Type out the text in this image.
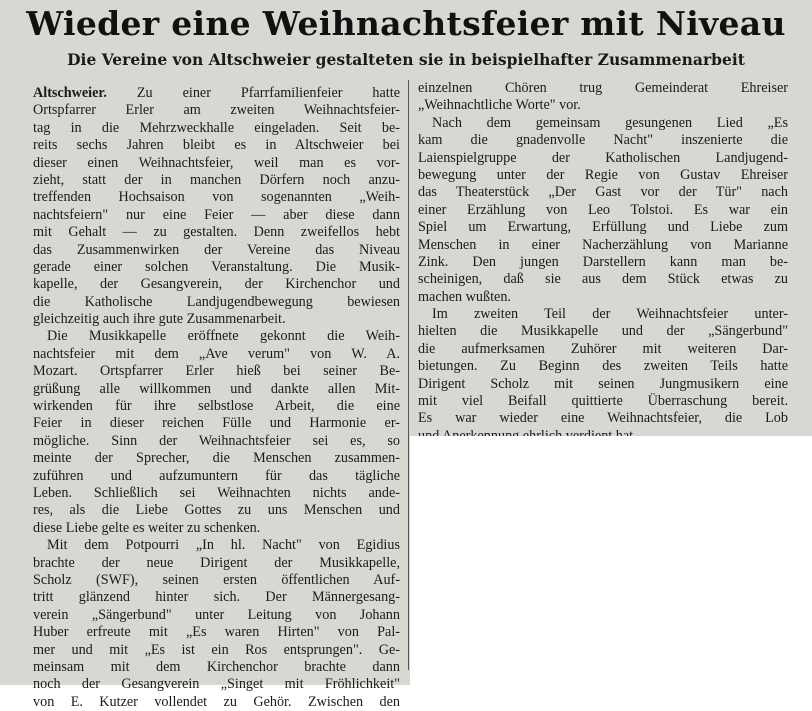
Wieder eine Weihnachtsfeier mit Niveau
Die Vereine von Altschweier gestalteten sie in beispielhafter Zusammenarbeit
Altschweier. Zu einer Pfarrfamilienfeier hatte
Ortspfarrer Erler am zweiten Weihnachtsfeier-
tag in die Mehrzweckhalle eingeladen. Seit be-
reits sechs Jahren bleibt es in Altschweier bei
dieser einen Weihnachtsfeier, weil man es vor-
zieht, statt der in manchen Dörfern noch anzu-
treffenden Hochsaison von sogenannten „Weih-
nachtsfeiern" nur eine Feier — aber diese dann
mit Gehalt — zu gestalten. Denn zweifellos hebt
das Zusammenwirken der Vereine das Niveau
gerade einer solchen Veranstaltung. Die Musik-
kapelle, der Gesangverein, der Kirchenchor und
die Katholische Landjugendbewegung bewiesen
gleichzeitig auch ihre gute Zusammenarbeit.
Die Musikkapelle eröffnete gekonnt die Weih-
nachtsfeier mit dem „Ave verum" von W. A.
Mozart. Ortspfarrer Erler hieß bei seiner Be-
grüßung alle willkommen und dankte allen Mit-
wirkenden für ihre selbstlose Arbeit, die eine
Feier in dieser reichen Fülle und Harmonie er-
mögliche. Sinn der Weihnachtsfeier sei es, so
meinte der Sprecher, die Menschen zusammen-
zuführen und aufzumuntern für das tägliche
Leben. Schließlich sei Weihnachten nichts ande-
res, als die Liebe Gottes zu uns Menschen und
diese Liebe gelte es weiter zu schenken.
Mit dem Potpourri „In hl. Nacht" von Egidius
brachte der neue Dirigent der Musikkapelle,
Scholz (SWF), seinen ersten öffentlichen Auf-
tritt glänzend hinter sich. Der Männergesang-
verein „Sängerbund" unter Leitung von Johann
Huber erfreute mit „Es waren Hirten" von Pal-
mer und mit „Es ist ein Ros entsprungen". Ge-
meinsam mit dem Kirchenchor brachte dann
noch der Gesangverein „Singet mit Fröhlichkeit"
von E. Kutzer vollendet zu Gehör. Zwischen den
einzelnen Chören trug Gemeinderat Ehreiser
„Weihnachtliche Worte" vor.
Nach dem gemeinsam gesungenen Lied „Es
kam die gnadenvolle Nacht" inszenierte die
Laienspielgruppe der Katholischen Landjugend-
bewegung unter der Regie von Gustav Ehreiser
das Theaterstück „Der Gast vor der Tür" nach
einer Erzählung von Leo Tolstoi. Es war ein
Spiel um Erwartung, Erfüllung und Liebe zum
Menschen in einer Nacherzählung von Marianne
Zink. Den jungen Darstellern kann man be-
scheinigen, daß sie aus dem Stück etwas zu
machen wußten.
Im zweiten Teil der Weihnachtsfeier unter-
hielten die Musikkapelle und der „Sängerbund"
die aufmerksamen Zuhörer mit weiteren Dar-
bietungen. Zu Beginn des zweiten Teils hatte
Dirigent Scholz mit seinen Jungmusikern eine
mit viel Beifall quittierte Überraschung bereit.
Es war wieder eine Weihnachtsfeier, die Lob
